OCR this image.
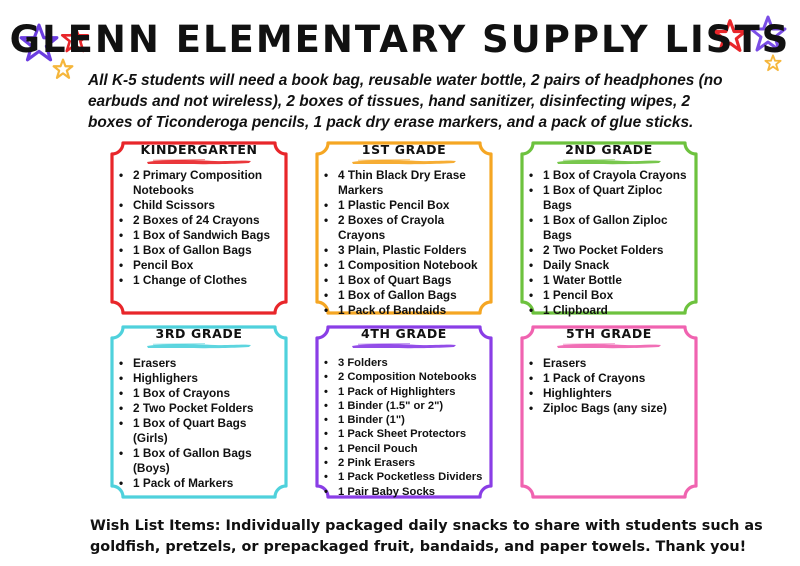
GLENN ELEMENTARY SUPPLY LISTS
All K-5 students will need a book bag, reusable water bottle, 2 pairs of headphones (no earbuds and not wireless), 2 boxes of tissues, hand sanitizer, disinfecting wipes, 2 boxes of Ticonderoga pencils, 1 pack dry erase markers, and a pack of glue sticks.
KINDERGARTEN
• 2 Primary Composition Notebooks
• Child Scissors
• 2 Boxes of 24 Crayons
• 1 Box of Sandwich Bags
• 1 Box of Gallon Bags
• Pencil Box
• 1 Change of Clothes
1ST GRADE
• 4 Thin Black Dry Erase Markers
• 1 Plastic Pencil Box
• 2 Boxes of Crayola Crayons
• 3 Plain, Plastic Folders
• 1 Composition Notebook
• 1 Box of Quart Bags
• 1 Box of Gallon Bags
• 1 Pack of Bandaids
2ND GRADE
• 1 Box of Crayola Crayons
• 1 Box of Quart Ziploc Bags
• 1 Box of Gallon Ziploc Bags
• 2 Two Pocket Folders
• Daily Snack
• 1 Water Bottle
• 1 Pencil Box
• 1 Clipboard
3RD GRADE
• Erasers
• Highlighers
• 1 Box of Crayons
• 2 Two Pocket Folders
• 1 Box of Quart Bags (Girls)
• 1 Box of Gallon Bags (Boys)
• 1 Pack of Markers
4TH GRADE
• 3 Folders
• 2 Composition Notebooks
• 1 Pack of Highlighters
• 1 Binder (1.5" or 2")
• 1 Binder (1")
• 1 Pack Sheet Protectors
• 1 Pencil Pouch
• 2 Pink Erasers
• 1 Pack Pocketless Dividers
• 1 Pair Baby Socks
5TH GRADE
• Erasers
• 1 Pack of Crayons
• Highlighters
• Ziploc Bags (any size)
Wish List Items: Individually packaged daily snacks to share with students such as goldfish, pretzels, or prepackaged fruit, bandaids, and paper towels. Thank you!
